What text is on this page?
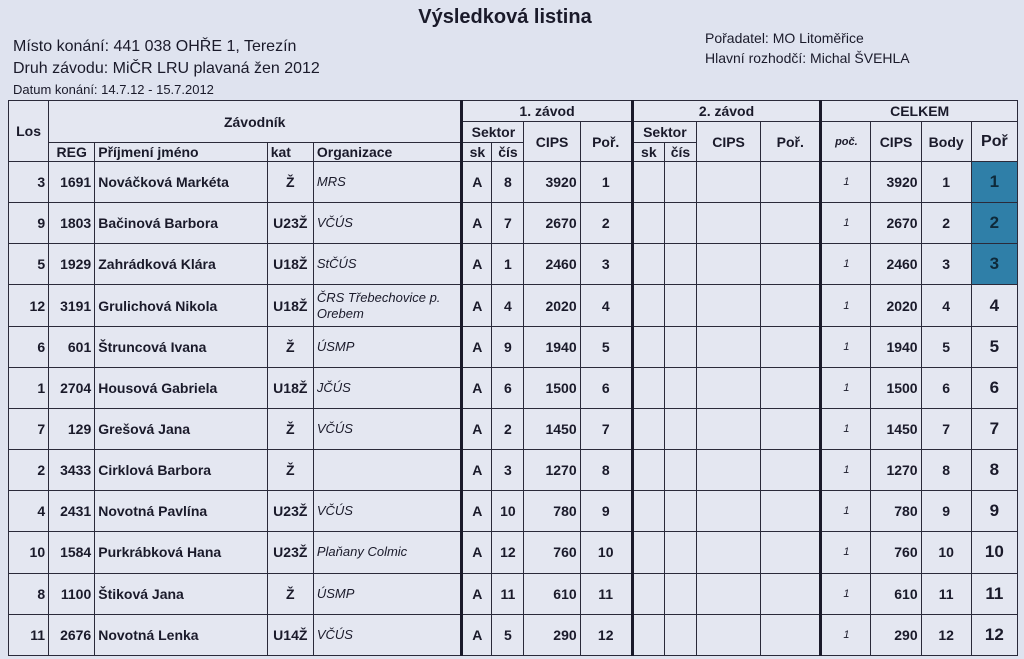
Výsledková listina
Místo konání: 441 038 OHŘE 1, Terezín
Druh závodu: MiČR LRU plavaná žen 2012
Datum konání: 14.7.12 - 15.7.2012
Pořadatel: MO Litoměřice
Hlavní rozhodčí: Michal ŠVEHLA
Los	Závodník				1. závod				2. závod				CELKEM			
					Sektor		CIPS	Poř.	Sektor		CIPS	Poř.	poč.	CIPS	Body	Poř
	REG	Příjmení jméno	kat	Organizace	sk	čís			sk	čís						
3	1691	Nováčková Markéta	Ž	MRS	A	8	3920	1					1	3920	1	1
9	1803	Bačinová Barbora	U23Ž	VČÚS	A	7	2670	2					1	2670	2	2
5	1929	Zahrádková Klára	U18Ž	StČÚS	A	1	2460	3					1	2460	3	3
12	3191	Grulichová Nikola	U18Ž	ČRS Třebechovice p. Orebem	A	4	2020	4					1	2020	4	4
6	601	Štruncová Ivana	Ž	ÚSMP	A	9	1940	5					1	1940	5	5
1	2704	Housová Gabriela	U18Ž	JČÚS	A	6	1500	6					1	1500	6	6
7	129	Grešová Jana	Ž	VČÚS	A	2	1450	7					1	1450	7	7
2	3433	Cirklová Barbora	Ž		A	3	1270	8					1	1270	8	8
4	2431	Novotná Pavlína	U23Ž	VČÚS	A	10	780	9					1	780	9	9
10	1584	Purkrábková Hana	U23Ž	Plaňany Colmic	A	12	760	10					1	760	10	10
8	1100	Štiková Jana	Ž	ÚSMP	A	11	610	11					1	610	11	11
11	2676	Novotná Lenka	U14Ž	VČÚS	A	5	290	12					1	290	12	12
